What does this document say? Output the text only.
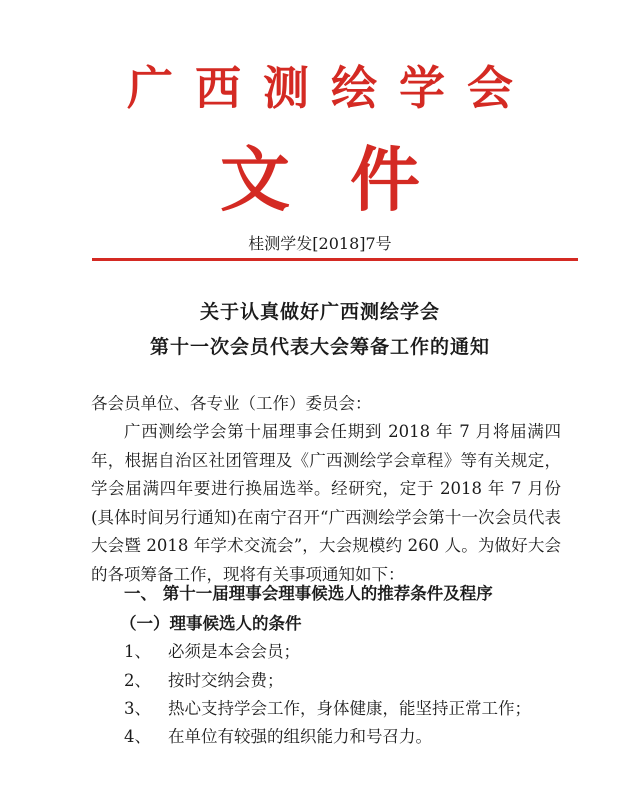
广西测绘学会
文件
桂测学发[2018]7号
关于认真做好广西测绘学会
第十一次会员代表大会筹备工作的通知

各会员单位、各专业（工作）委员会：

广西测绘学会第十届理事会任期到 2018 年 7 月将届满四年，根据自治区社团管理及《广西测绘学会章程》等有关规定，学会届满四年要进行换届选举。经研究，定于 2018 年 7 月份(具体时间另行通知)在南宁召开“广西测绘学会第十一次会员代表大会暨 2018 年学术交流会”，大会规模约 260 人。为做好大会的各项筹备工作，现将有关事项通知如下：

一、 第十一届理事会理事候选人的推荐条件及程序
（一）理事候选人的条件
1、 必须是本会会员；
2、 按时交纳会费；
3、 热心支持学会工作，身体健康，能坚持正常工作；
4、 在单位有较强的组织能力和号召力。
